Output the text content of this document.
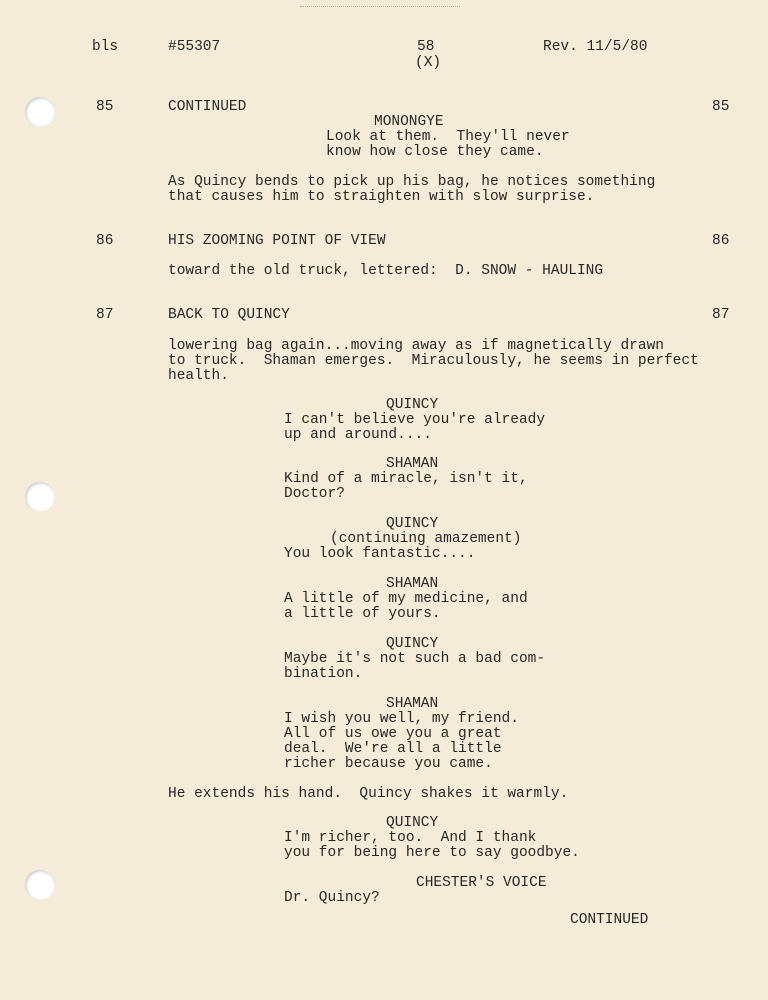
bls	#55307	58
(X)
Rev. 11/5/80
85	CONTINUED	85
MONONGYE
Look at them.  They'll never
know how close they came.
As Quincy bends to pick up his bag, he notices something
that causes him to straighten with slow surprise.
86	HIS ZOOMING POINT OF VIEW	86
toward the old truck, lettered:  D. SNOW - HAULING
87	BACK TO QUINCY	87
lowering bag again...moving away as if magnetically drawn
to truck.  Shaman emerges.  Miraculously, he seems in perfect
health.
QUINCY
I can't believe you're already
up and around....
SHAMAN
Kind of a miracle, isn't it,
Doctor?
QUINCY
(continuing amazement)
You look fantastic....
SHAMAN
A little of my medicine, and
a little of yours.
QUINCY
Maybe it's not such a bad com-
bination.
SHAMAN
I wish you well, my friend.
All of us owe you a great
deal.  We're all a little
richer because you came.
He extends his hand.  Quincy shakes it warmly.
QUINCY
I'm richer, too.  And I thank
you for being here to say goodbye.
CHESTER'S VOICE
Dr. Quincy?
CONTINUED
